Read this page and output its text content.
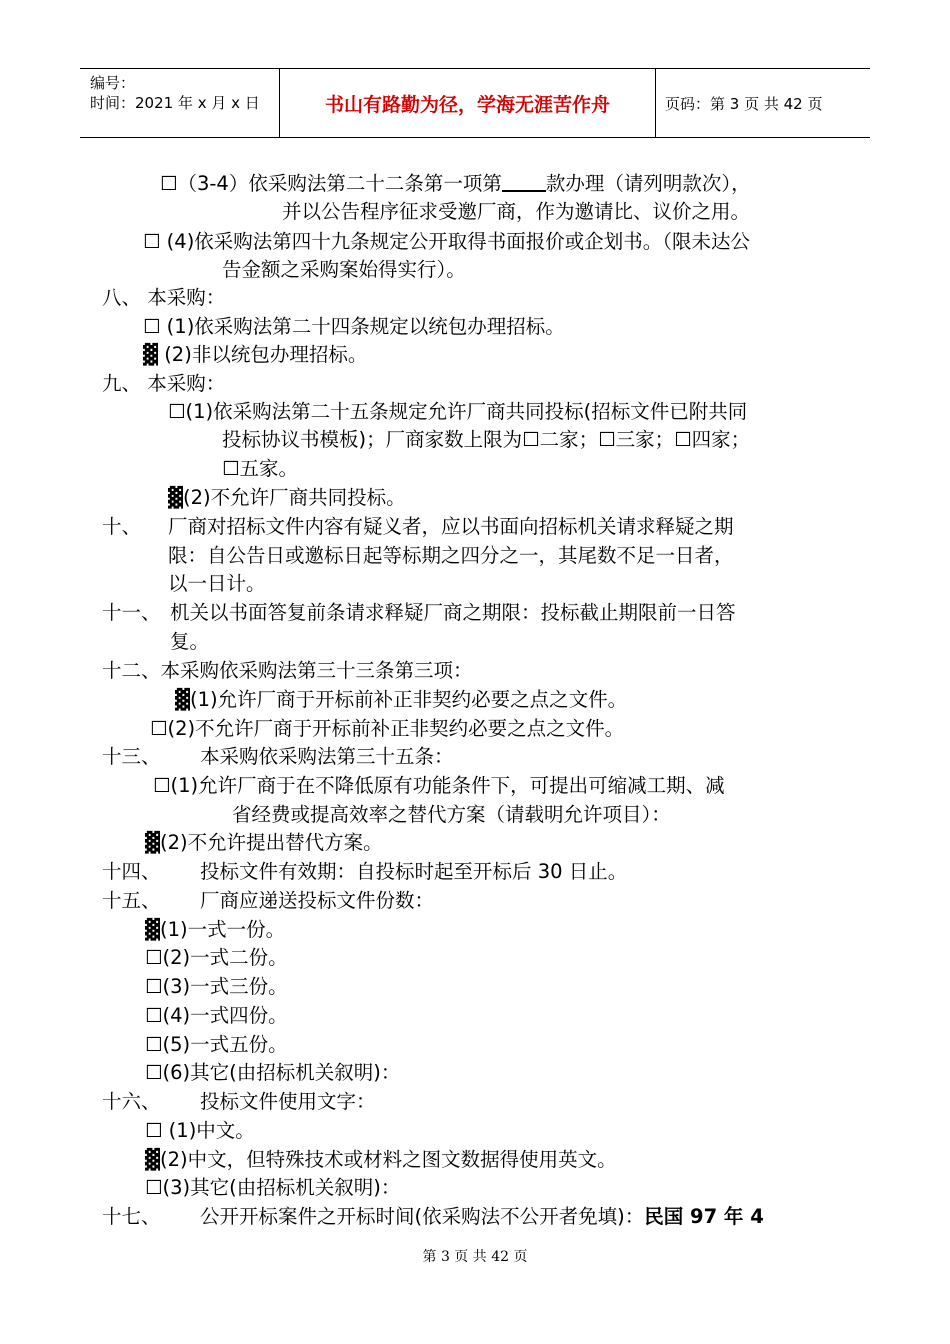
编号：
时间：2021 年 x 月 x 日	书山有路勤为径，学海无涯苦作舟	页码：第 3 页 共 42 页
☐（3-4）依采购法第二十二条第一项第 款办理（请列明款次），
并以公告程序征求受邀厂商，作为邀请比、议价之用。
☐ (4)依采购法第四十九条规定公开取得书面报价或企划书。（限未达公
告金额之采购案始得实行）。
八、 本采购：
☐ (1)依采购法第二十四条规定以统包办理招标。
▓ (2)非以统包办理招标。
九、 本采购：
☐(1)依采购法第二十五条规定允许厂商共同投标(招标文件已附共同
投标协议书模板)；厂商家数上限为☐二家；☐三家；☐四家；
☐五家。
▓(2)不允许厂商共同投标。
十、 厂商对招标文件内容有疑义者，应以书面向招标机关请求释疑之期
限：自公告日或邀标日起等标期之四分之一，其尾数不足一日者，
以一日计。
十一、 机关以书面答复前条请求释疑厂商之期限：投标截止期限前一日答
复。
十二、本采购依采购法第三十三条第三项：
▓(1)允许厂商于开标前补正非契约必要之点之文件。
☐(2)不允许厂商于开标前补正非契约必要之点之文件。
十三、 本采购依采购法第三十五条：
☐(1)允许厂商于在不降低原有功能条件下，可提出可缩减工期、减
省经费或提高效率之替代方案（请载明允许项目）：
▓(2)不允许提出替代方案。
十四、 投标文件有效期：自投标时起至开标后 30 日止。
十五、 厂商应递送投标文件份数：
▓(1)一式一份。
☐(2)一式二份。
☐(3)一式三份。
☐(4)一式四份。
☐(5)一式五份。
☐(6)其它(由招标机关叙明)：
十六、 投标文件使用文字：
☐ (1)中文。
▓(2)中文，但特殊技术或材料之图文数据得使用英文。
☐(3)其它(由招标机关叙明)：
十七、 公开开标案件之开标时间(依采购法不公开者免填)：民国 97 年 4
第 3 页 共 42 页
